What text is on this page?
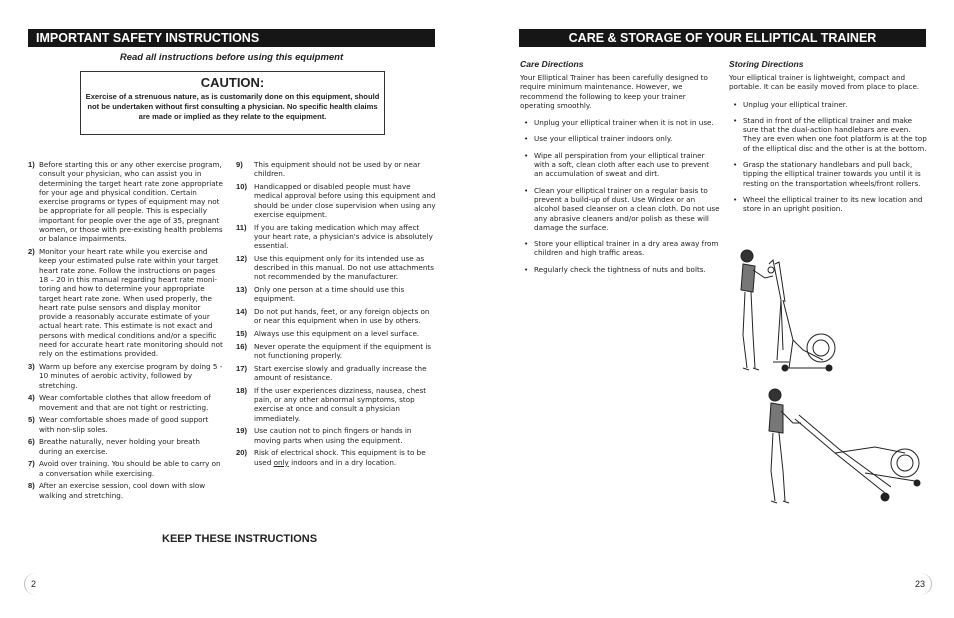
IMPORTANT SAFETY INSTRUCTIONS
Read all instructions before using this equipment
CAUTION:
Exercise of a strenuous nature, as is customarily done on this equipment, should not be undertaken without first consulting a physician. No specific health claims are made or implied as they relate to the equipment.
1) Before starting this or any other exercise program, consult your physician, who can assist you in determining the target heart rate zone appropriate for your age and physical condition. Certain exercise programs or types of equipment may not be appropriate for all people. This is especially important for people over the age of 35, pregnant women, or those with pre-existing health problems or balance impairments.
2) Monitor your heart rate while you exercise and keep your estimated pulse rate within your target heart rate zone. Follow the instructions on pages 18 – 20 in this manual regarding heart rate moni-toring and how to determine your appropriate target heart rate zone. When used properly, the heart rate pulse sensors and display monitor provide a reasonably accurate estimate of your actual heart rate. This estimate is not exact and persons with medical conditions and/or a specific need for accurate heart rate monitoring should not rely on the estimations provided.
3) Warm up before any exercise program by doing 5 - 10 minutes of aerobic activity, followed by stretching.
4) Wear comfortable clothes that allow freedom of movement and that are not tight or restricting.
5) Wear comfortable shoes made of good support with non-slip soles.
6) Breathe naturally, never holding your breath during an exercise.
7) Avoid over training. You should be able to carry on a conversation while exercising.
8) After an exercise session, cool down with slow walking and stretching.
9)	This equipment should not be used by or near children.
10) Handicapped or disabled people must have medical approval before using this equipment and should be under close supervision when using any exercise equipment.
11)	If you are taking medication which may affect your heart rate, a physician's advice is absolutely essential.
12) Use this equipment only for its intended use as described in this manual. Do not use attachments not recommended by the manufacturer.
13) Only one person at a time should use this equipment.
14) Do not put hands, feet, or any foreign objects on or near this equipment when in use by others.
15) Always use this equipment on a level surface.
16) Never operate the equipment if the equipment is not functioning properly.
17) Start exercise slowly and gradually increase the amount of resistance.
18) If the user experiences dizziness, nausea, chest pain, or any other abnormal symptoms, stop exercise at once and consult a physician immediately.
19) Use caution not to pinch fingers or hands in moving parts when using the equipment.
20) Risk of electrical shock. This equipment is to be used only indoors and in a dry location.
KEEP THESE INSTRUCTIONS
2
CARE & STORAGE OF YOUR ELLIPTICAL TRAINER
Care Directions
Your Elliptical Trainer has been carefully designed to require minimum maintenance. However, we recommend the following to keep your trainer operating smoothly.
• Unplug your elliptical trainer when it is not in use.
• Use your elliptical trainer indoors only.
• Wipe all perspiration from your elliptical trainer with a soft, clean cloth after each use to prevent an accumulation of sweat and dirt.
• Clean your elliptical trainer on a regular basis to prevent a build-up of dust. Use Windex or an alcohol based cleanser on a clean cloth. Do not use any abrasive cleaners and/or polish as these will damage the surface.
• Store your elliptical trainer in a dry area away from children and high traffic areas.
• Regularly check the tightness of nuts and bolts.
Storing Directions
Your elliptical trainer is lightweight, compact and portable. It can be easily moved from place to place.
• Unplug your elliptical trainer.
• Stand in front of the elliptical trainer and make sure that the dual-action handlebars are even. They are even when one foot platform is at the top of the elliptical disc and the other is at the bottom.
• Grasp the stationary handlebars and pull back, tipping the elliptical trainer towards you until it is resting on the transportation wheels/front rollers.
• Wheel the elliptical trainer to its new location and store in an upright position.
23
